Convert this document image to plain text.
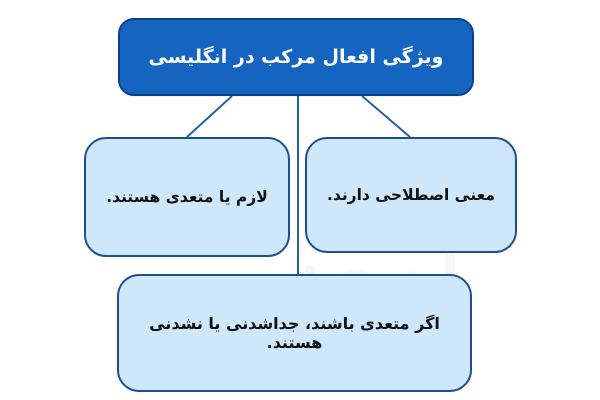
ویژگی افعال مرکب در انگلیسی
لازم یا متعدی هستند.	معنی اصطلاحی دارند.
اگر متعدی باشند، جداشدنی یا نشدنی هستند.
